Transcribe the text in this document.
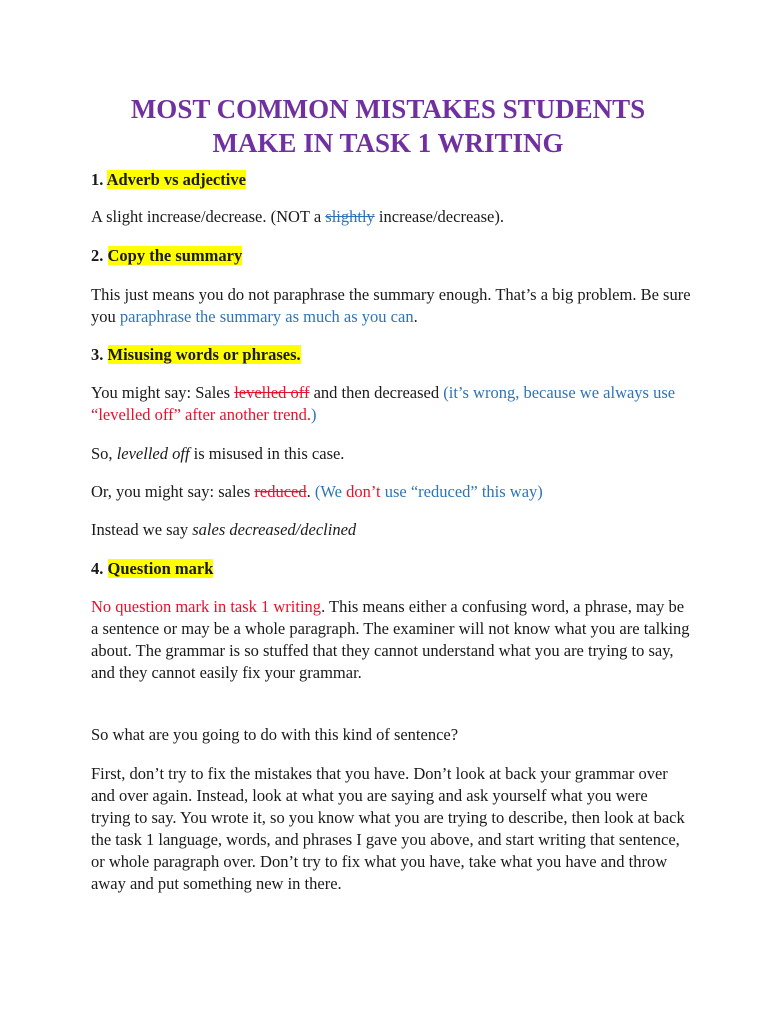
MOST COMMON MISTAKES STUDENTS
MAKE IN TASK 1 WRITING

1. Adverb vs adjective

A slight increase/decrease. (NOT a slightly increase/decrease).

2. Copy the summary

This just means you do not paraphrase the summary enough. That’s a big problem. Be sure you paraphrase the summary as much as you can.

3. Misusing words or phrases.

You might say: Sales levelled off and then decreased (it’s wrong, because we always use “levelled off” after another trend.)

So, levelled off is misused in this case.

Or, you might say: sales reduced. (We don’t use “reduced” this way)

Instead we say sales decreased/declined

4. Question mark

No question mark in task 1 writing. This means either a confusing word, a phrase, may be a sentence or may be a whole paragraph. The examiner will not know what you are talking about. The grammar is so stuffed that they cannot understand what you are trying to say, and they cannot easily fix your grammar.

So what are you going to do with this kind of sentence?

First, don’t try to fix the mistakes that you have. Don’t look at back your grammar over and over again. Instead, look at what you are saying and ask yourself what you were trying to say. You wrote it, so you know what you are trying to describe, then look at back the task 1 language, words, and phrases I gave you above, and start writing that sentence, or whole paragraph over. Don’t try to fix what you have, take what you have and throw away and put something new in there.
